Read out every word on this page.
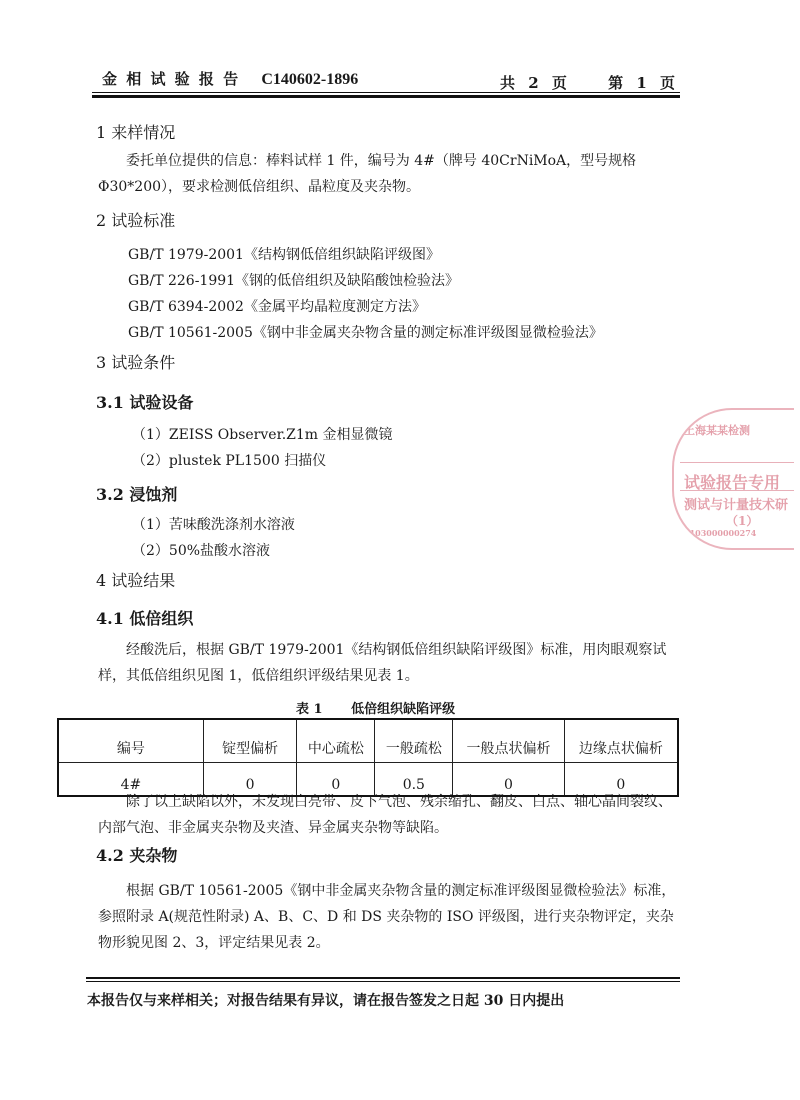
金 相 试 验 报 告 C140602-1896	共 2 页	第 1 页
1 来样情况
委托单位提供的信息：棒料试样 1 件，编号为 4#（牌号 40CrNiMoA，型号规格Φ30*200），要求检测低倍组织、晶粒度及夹杂物。
2 试验标准
GB/T 1979-2001《结构钢低倍组织缺陷评级图》
GB/T 226-1991《钢的低倍组织及缺陷酸蚀检验法》
GB/T 6394-2002《金属平均晶粒度测定方法》
GB/T 10561-2005《钢中非金属夹杂物含量的测定标准评级图显微检验法》
3 试验条件
3.1 试验设备
（1）ZEISS Observer.Z1m 金相显微镜
（2）plustek PL1500 扫描仪
3.2 浸蚀剂
（1）苦味酸洗涤剂水溶液
（2）50%盐酸水溶液
4 试验结果
4.1 低倍组织
经酸洗后，根据 GB/T 1979-2001《结构钢低倍组织缺陷评级图》标准，用肉眼观察试样，其低倍组织见图 1，低倍组织评级结果见表 1。
表 1 低倍组织缺陷评级
编号	锭型偏析	中心疏松	一般疏松	一般点状偏析	边缘点状偏析
4#	0	0	0.5	0	0
除了以上缺陷以外，未发现白亮带、皮下气泡、残余缩孔、翻皮、白点、轴心晶间裂纹、内部气泡、非金属夹杂物及夹渣、异金属夹杂物等缺陷。
4.2 夹杂物
根据 GB/T 10561-2005《钢中非金属夹杂物含量的测定标准评级图显微检验法》标准，参照附录 A(规范性附录) A、B、C、D 和 DS 夹杂物的 ISO 评级图，进行夹杂物评定，夹杂物形貌见图 2、3，评定结果见表 2。
本报告仅与来样相关；对报告结果有异议，请在报告签发之日起 30 日内提出
上海某某检测
试验报告专用
测试与计量技术研
（1）
3103000000274
